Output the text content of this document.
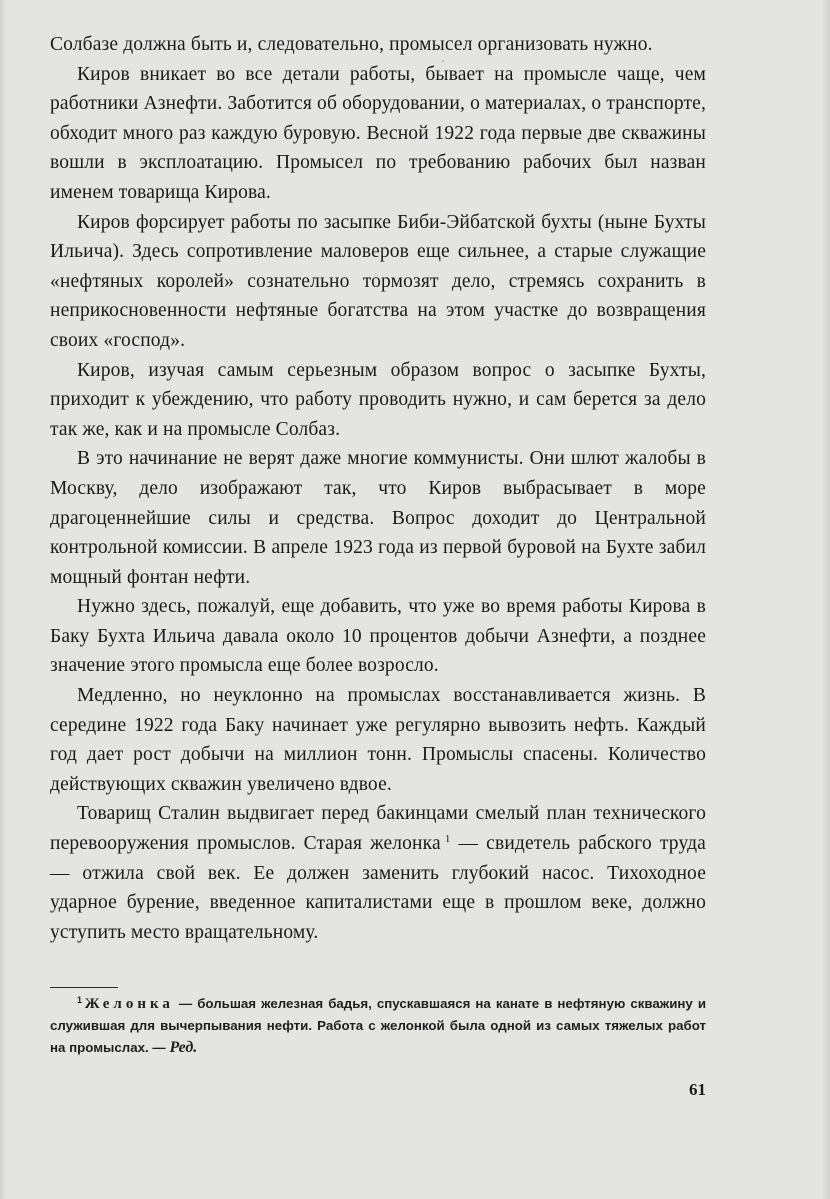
Солбазе должна быть и, следовательно, промысел организовать нужно.

Киров вникает во все детали работы, бывает на промысле чаще, чем работники Азнефти. Заботится об оборудовании, о материалах, о транспорте, обходит много раз каждую буровую. Весной 1922 года первые две скважины вошли в эксплоатацию. Промысел по требованию рабочих был назван именем товарища Кирова.

Киров форсирует работы по засыпке Биби-Эйбатской бухты (ныне Бухты Ильича). Здесь сопротивление маловеров еще сильнее, а старые служащие «нефтяных королей» сознательно тормозят дело, стремясь сохранить в неприкосновенности нефтяные богатства на этом участке до возвращения своих «господ».

Киров, изучая самым серьезным образом вопрос о засыпке Бухты, приходит к убеждению, что работу проводить нужно, и сам берется за дело так же, как и на промысле Солбаз.

В это начинание не верят даже многие коммунисты. Они шлют жалобы в Москву, дело изображают так, что Киров выбрасывает в море драгоценнейшие силы и средства. Вопрос доходит до Центральной контрольной комиссии. В апреле 1923 года из первой буровой на Бухте забил мощный фонтан нефти.

Нужно здесь, пожалуй, еще добавить, что уже во время работы Кирова в Баку Бухта Ильича давала около 10 процентов добычи Азнефти, а позднее значение этого промысла еще более возросло.

Медленно, но неуклонно на промыслах восстанавливается жизнь. В середине 1922 года Баку начинает уже регулярно вывозить нефть. Каждый год дает рост добычи на миллион тонн. Промыслы спасены. Количество действующих скважин увеличено вдвое.

Товарищ Сталин выдвигает перед бакинцами смелый план технического перевооружения промыслов. Старая желонка  $^1$ — свидетель рабского труда — отжила свой век. Ее должен заменить глубокий насос. Тихоходное ударное бурение, введенное капиталистами еще в прошлом веке, должно уступить место вращательному.

$^1$  Желонка — большая железная бадья, спускавшаяся на канате в нефтяную скважину и служившая для вычерпывания нефти. Работа с желонкой была одной из самых тяжелых работ на промыслах. — Ред.
61
